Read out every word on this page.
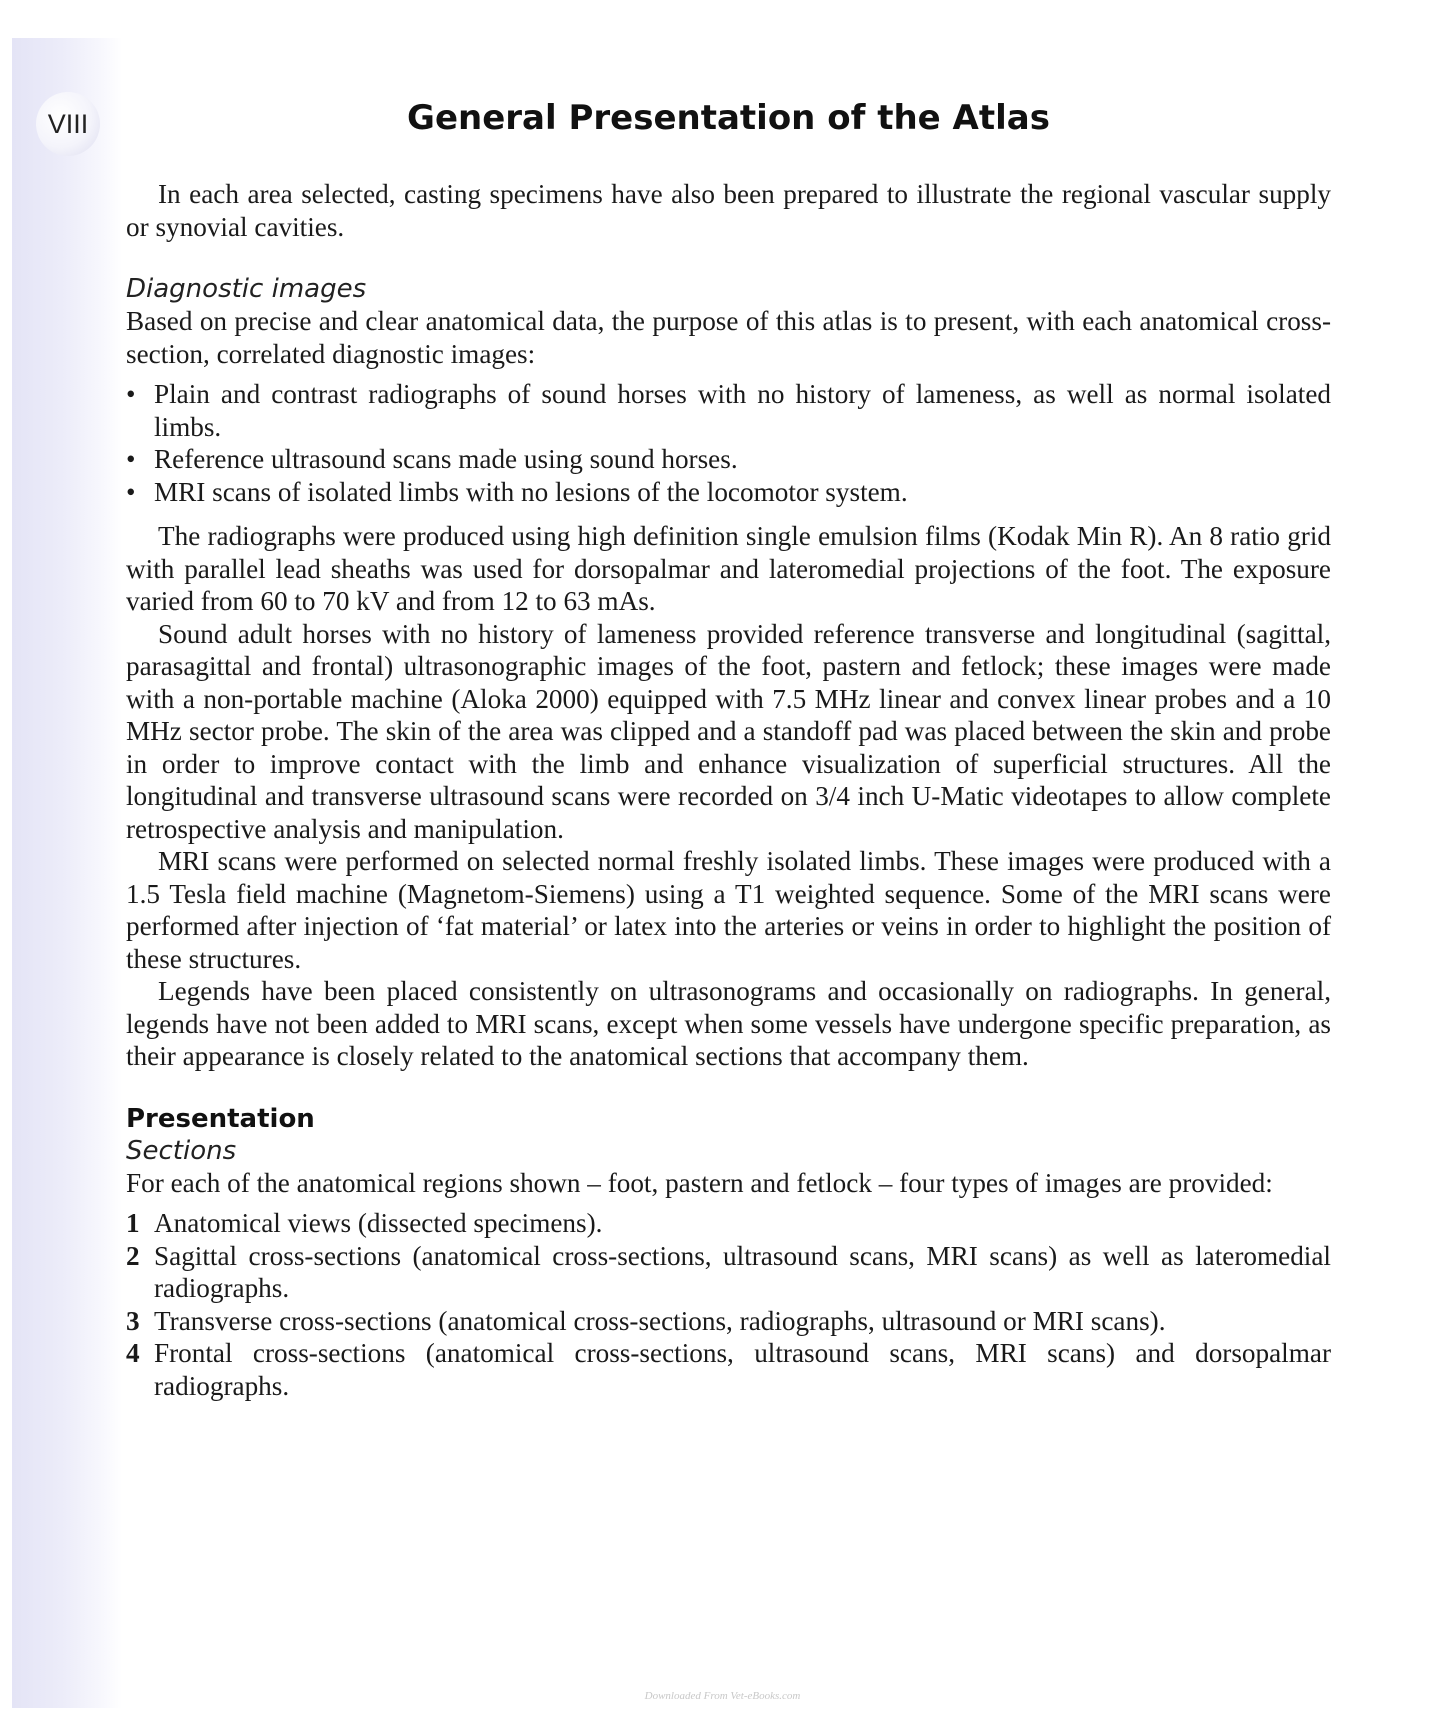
VIII	General Presentation of the Atlas

In each area selected, casting specimens have also been prepared to illustrate the regional vascular supply or synovial cavities.

Diagnostic images

Based on precise and clear anatomical data, the purpose of this atlas is to present, with each anatomical cross-section, correlated diagnostic images:

• Plain and contrast radiographs of sound horses with no history of lameness, as well as normal isolated limbs.
• Reference ultrasound scans made using sound horses.
• MRI scans of isolated limbs with no lesions of the locomotor system.

The radiographs were produced using high definition single emulsion films (Kodak Min R). An 8 ratio grid with parallel lead sheaths was used for dorsopalmar and lateromedial projections of the foot. The exposure varied from 60 to 70 kV and from 12 to 63 mAs.

Sound adult horses with no history of lameness provided reference transverse and longitudinal (sagittal, parasagittal and frontal) ultrasonographic images of the foot, pastern and fetlock; these images were made with a non-portable machine (Aloka 2000) equipped with 7.5 MHz linear and convex linear probes and a 10 MHz sector probe. The skin of the area was clipped and a standoff pad was placed between the skin and probe in order to improve contact with the limb and enhance visualization of superficial structures. All the longitudinal and transverse ultrasound scans were recorded on 3/4 inch U-Matic videotapes to allow complete retrospective analysis and manipulation.

MRI scans were performed on selected normal freshly isolated limbs. These images were produced with a 1.5 Tesla field machine (Magnetom-Siemens) using a T1 weighted sequence. Some of the MRI scans were performed after injection of ‘fat material’ or latex into the arteries or veins in order to highlight the position of these structures.

Legends have been placed consistently on ultrasonograms and occasionally on radiographs. In general, legends have not been added to MRI scans, except when some vessels have undergone specific preparation, as their appearance is closely related to the anatomical sections that accompany them.

Presentation
Sections

For each of the anatomical regions shown – foot, pastern and fetlock – four types of images are provided:

1 Anatomical views (dissected specimens).
2 Sagittal cross-sections (anatomical cross-sections, ultrasound scans, MRI scans) as well as lateromedial radiographs.
3 Transverse cross-sections (anatomical cross-sections, radiographs, ultrasound or MRI scans).
4 Frontal cross-sections (anatomical cross-sections, ultrasound scans, MRI scans) and dorsopalmar radiographs.
Downloaded From Vet-eBooks.com
